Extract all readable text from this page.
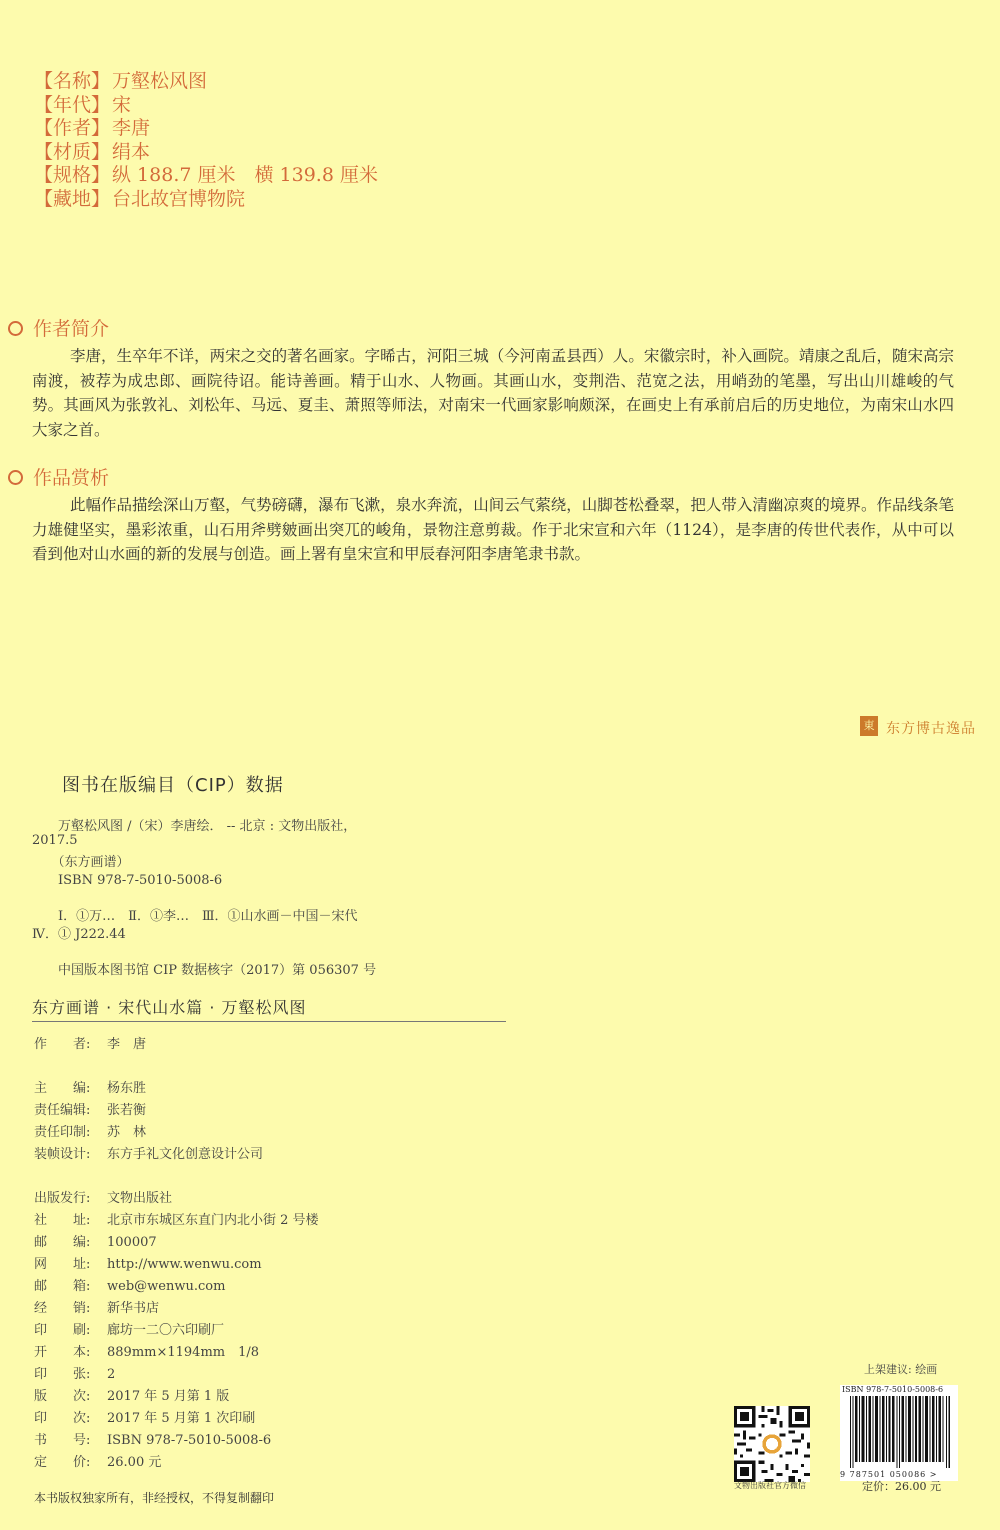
【名称】 万壑松风图
【年代】 宋
【作者】 李唐
【材质】 绢本
【规格】 纵 188.7 厘米　横 139.8 厘米
【藏地】 台北故宫博物院
作者简介
李唐，生卒年不详，两宋之交的著名画家。字晞古，河阳三城（今河南孟县西）人。宋徽宗时，补入画院。靖康之乱后，随宋高宗南渡，被荐为成忠郎、画院待诏。能诗善画。精于山水、人物画。其画山水，变荆浩、范宽之法，用峭劲的笔墨，写出山川雄峻的气势。其画风为张敦礼、刘松年、马远、夏圭、萧照等师法，对南宋一代画家影响颇深，在画史上有承前启后的历史地位，为南宋山水四大家之首。
作品赏析
此幅作品描绘深山万壑，气势磅礴，瀑布飞漱，泉水奔流，山间云气萦绕，山脚苍松叠翠，把人带入清幽凉爽的境界。作品线条笔力雄健坚实，墨彩浓重，山石用斧劈皴画出突兀的峻角，景物注意剪裁。作于北宋宣和六年（1124），是李唐的传世代表作，从中可以看到他对山水画的新的发展与创造。画上署有皇宋宣和甲辰春河阳李唐笔隶书款。
東 东方博古逸品
图书在版编目（CIP）数据
　　万壑松风图 /（宋）李唐绘． -- 北京 : 文物出版社，
2017.5
　　（东方画谱）
　　ISBN 978-7-5010-5008-6
　　Ⅰ．①万…　Ⅱ．①李…　Ⅲ．①山水画－中国－宋代
Ⅳ．① J222.44
　　中国版本图书馆 CIP 数据核字（2017）第 056307 号
东方画谱 · 宋代山水篇 · 万壑松风图
作　　者: 李　唐
主　　编: 杨东胜
责任编辑: 张若衡
责任印制: 苏　林
装帧设计: 东方手礼文化创意设计公司
出版发行: 文物出版社
社　　址: 北京市东城区东直门内北小街 2 号楼
邮　　编: 100007
网　　址: http://www.wenwu.com
邮　　箱: web@wenwu.com
经　　销: 新华书店
印　　刷: 廊坊一二〇六印刷厂
开　　本: 889mm×1194mm　1/8
印　　张: 2
版　　次: 2017 年 5 月第 1 版
印　　次: 2017 年 5 月第 1 次印刷
书　　号: ISBN 978-7-5010-5008-6
定　　价: 26.00 元
本书版权独家所有，非经授权，不得复制翻印
上架建议: 绘画
文物出版社官方微信
ISBN 978-7-5010-5008-6
9 787501 050086 >
定价：26.00 元
